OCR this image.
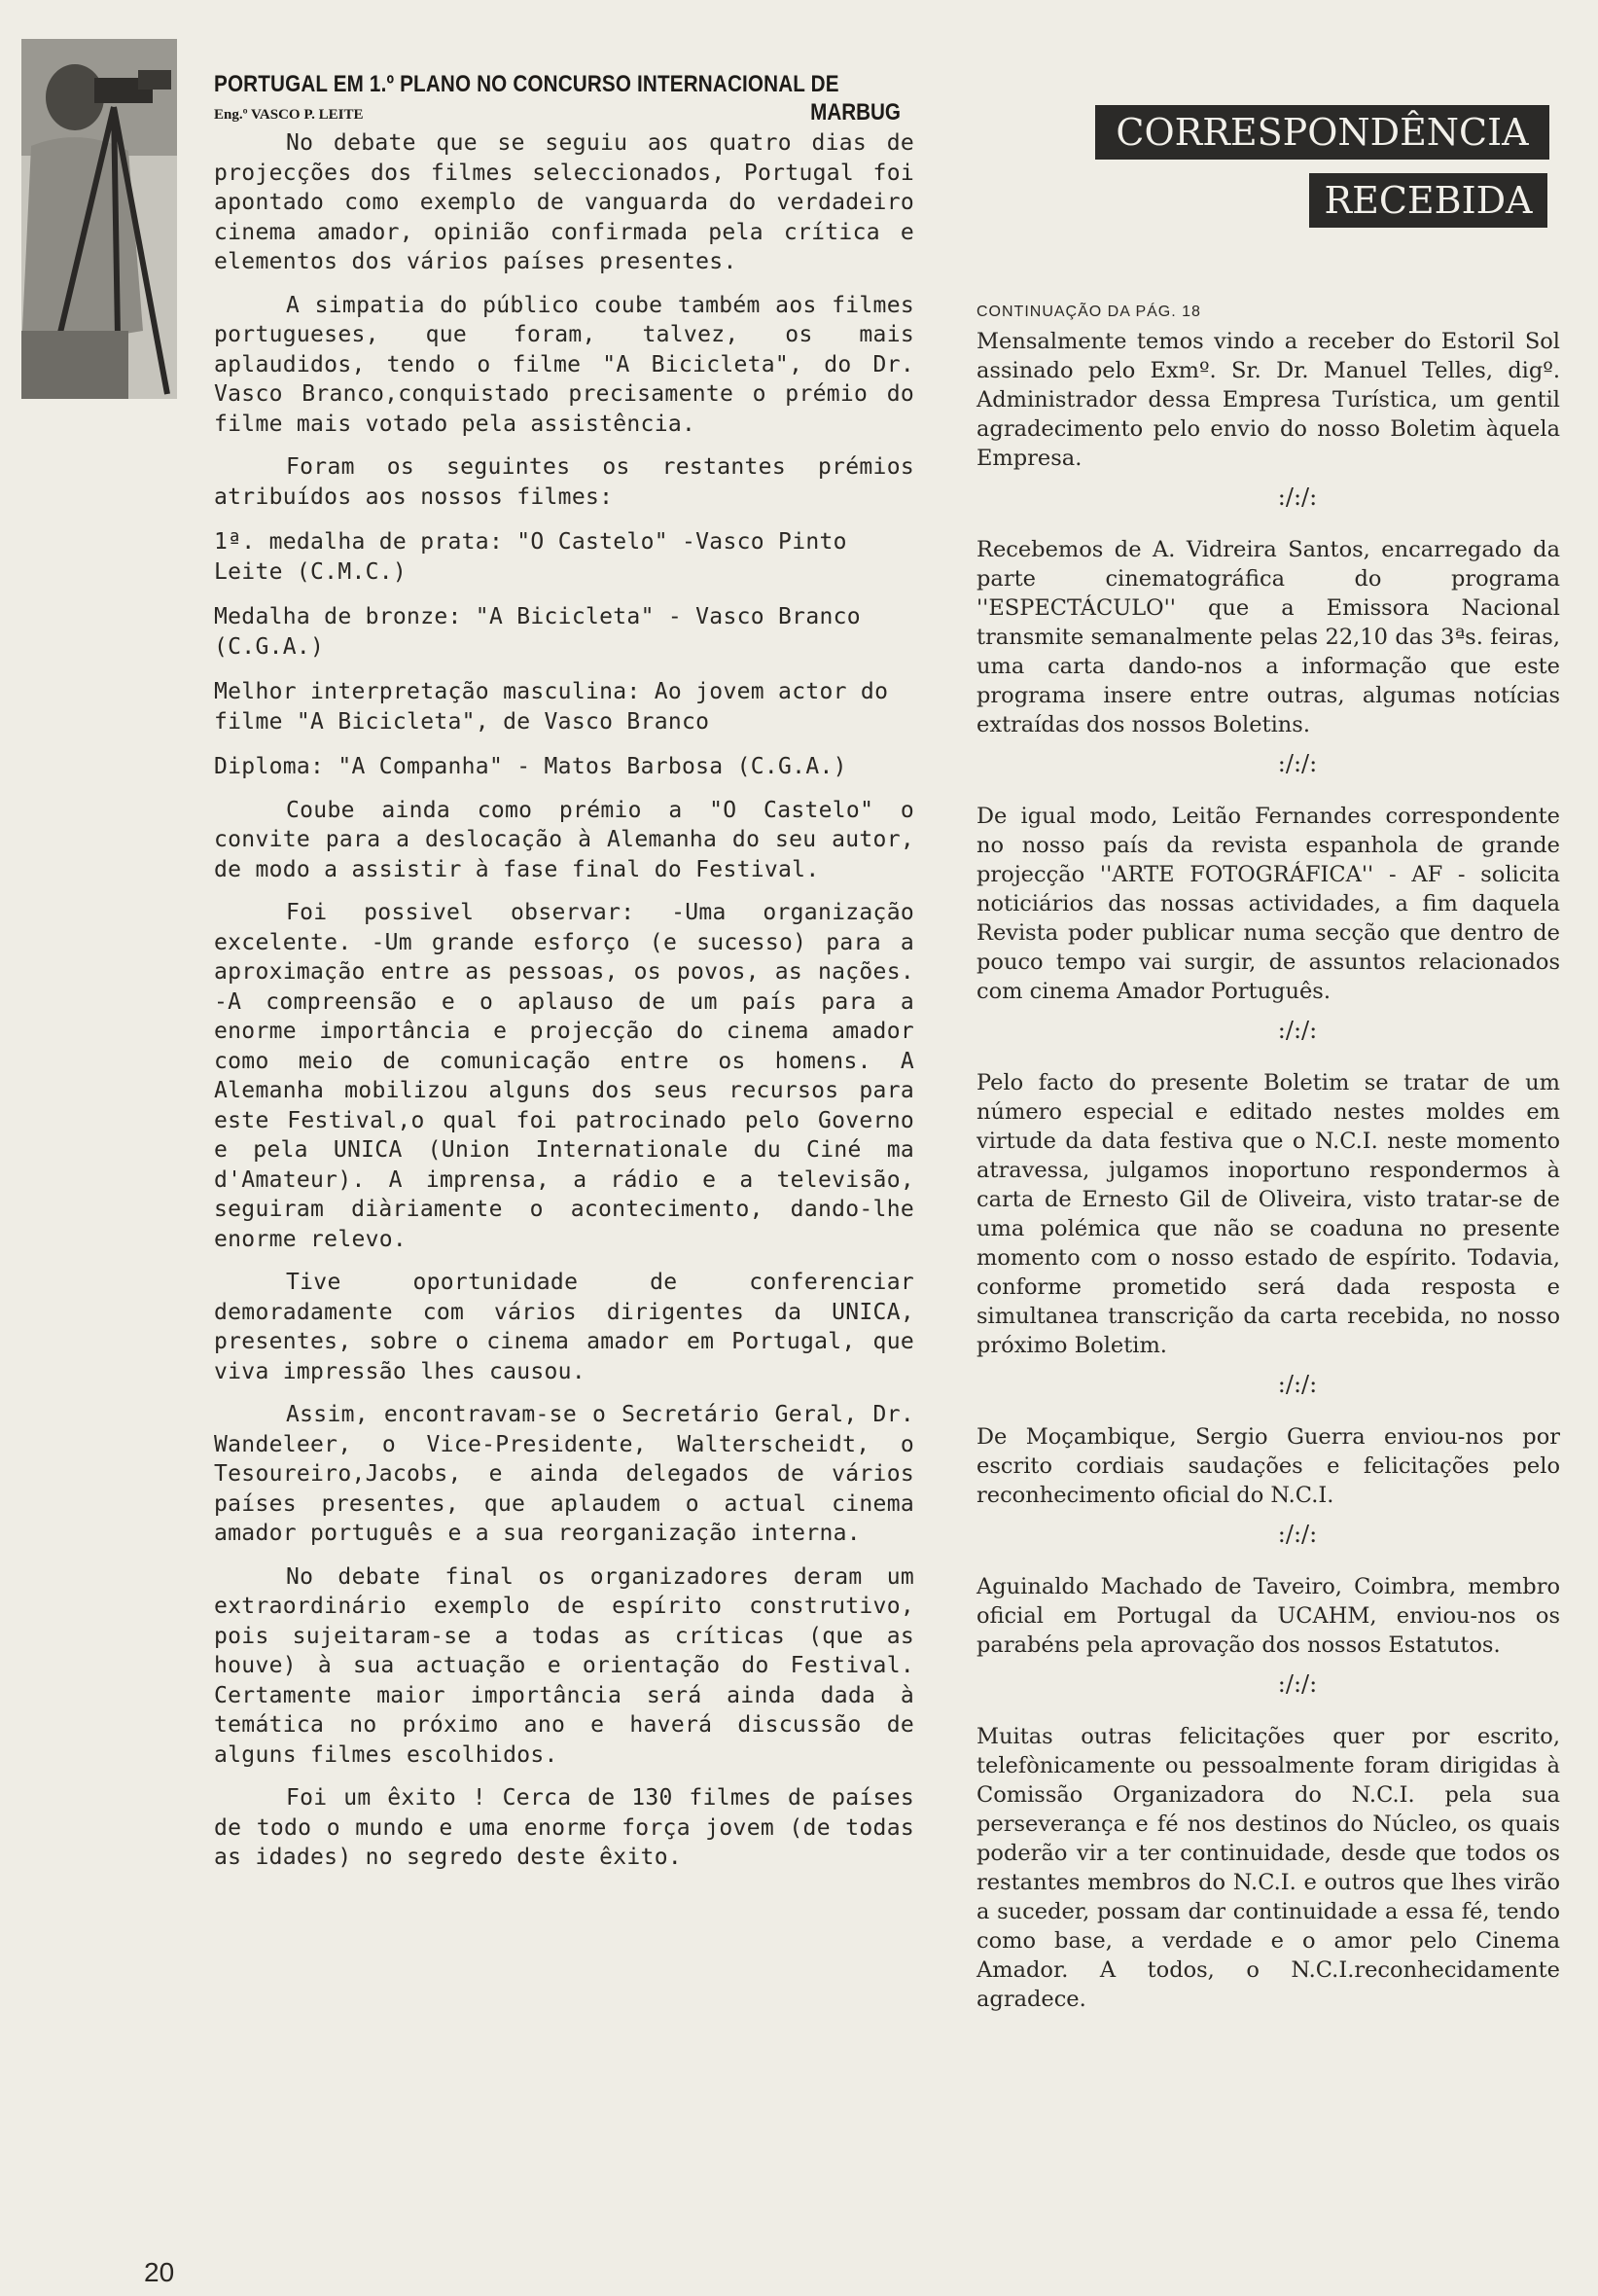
PORTUGAL EM 1.º PLANO NO CONCURSO INTERNACIONAL DE
Eng.º VASCO P. LEITE	MARBUG

No debate que se seguiu aos quatro dias de projecções dos filmes seleccionados, Portugal foi apontado como exemplo de vanguarda do verdadeiro cinema amador, opinião confirmada pela crítica e elementos dos vários países presentes.

A simpatia do público coube também aos filmes portugueses, que foram, talvez, os mais aplaudidos, tendo o filme "A Bicicleta", do Dr. Vasco Branco,conquistado precisamente o prémio do filme mais votado pela assistência.

Foram os seguintes os restantes prémios atribuídos aos nossos filmes:

1ª. medalha de prata: "O Castelo" -Vasco Pinto Leite (C.M.C.)

Medalha de bronze: "A Bicicleta" - Vasco Branco (C.G.A.)

Melhor interpretação masculina: Ao jovem actor do filme "A Bicicleta", de Vasco Branco

Diploma: "A Companha" - Matos Barbosa (C.G.A.)

Coube ainda como prémio a "O Castelo" o convite para a deslocação à Alemanha do seu autor, de modo a assistir à fase final do Festival.

Foi possivel observar: -Uma organização excelente. -Um grande esforço (e sucesso) para a aproximação entre as pessoas, os povos, as nações. -A compreensão e o aplauso de um país para a enorme importância e projecção do cinema amador como meio de comunicação entre os homens. A Alemanha mobilizou alguns dos seus recursos para este Festival,o qual foi patrocinado pelo Governo e pela UNICA (Union Internationale du Ciné ma d'Amateur). A imprensa, a rádio e a televisão, seguiram diàriamente o acontecimento, dando-lhe enorme relevo.

Tive oportunidade de conferenciar demoradamente com vários dirigentes da UNICA, presentes, sobre o cinema amador em Portugal, que viva impressão lhes causou.

Assim, encontravam-se o Secretário Geral, Dr. Wandeleer, o Vice-Presidente, Walterscheidt, o Tesoureiro,Jacobs, e ainda delegados de vários países presentes, que aplaudem o actual cinema amador português e a sua reorganização interna.

No debate final os organizadores deram um extraordinário exemplo de espírito construtivo, pois sujeitaram-se a todas as críticas (que as houve) à sua actuação e orientação do Festival. Certamente maior importância será ainda dada à temática no próximo ano e haverá discussão de alguns filmes escolhidos.

Foi um êxito ! Cerca de 130 filmes de países de todo o mundo e uma enorme força jovem (de todas as idades) no segredo deste êxito.

CORRESPONDÊNCIA
RECEBIDA
CONTINUAÇÃO DA PÁG. 18

Mensalmente temos vindo a receber do Estoril Sol assinado pelo Exmº. Sr. Dr. Manuel Telles, digº. Administrador dessa Empresa Turística, um gentil agradecimento pelo envio do nosso Boletim àquela Empresa.

:/:/:

Recebemos de A. Vidreira Santos, encarregado da parte cinematográfica do programa ''ESPECTÁCULO'' que a Emissora Nacional transmite semanalmente pelas 22,10 das 3ªs. feiras, uma carta dando-nos a informação que este programa insere entre outras, algumas notícias extraídas dos nossos Boletins.

:/:/:

De igual modo, Leitão Fernandes correspondente no nosso país da revista espanhola de grande projecção ''ARTE FOTOGRÁFICA'' - AF - solicita noticiários das nossas actividades, a fim daquela Revista poder publicar numa secção que dentro de pouco tempo vai surgir, de assuntos relacionados com cinema Amador Português.

:/:/:

Pelo facto do presente Boletim se tratar de um número especial e editado nestes moldes em virtude da data festiva que o N.C.I. neste momento atravessa, julgamos inoportuno respondermos à carta de Ernesto Gil de Oliveira, visto tratar-se de uma polémica que não se coaduna no presente momento com o nosso estado de espírito. Todavia, conforme prometido será dada resposta e simultanea transcrição da carta recebida, no nosso próximo Boletim.

:/:/:

De Moçambique, Sergio Guerra enviou-nos por escrito cordiais saudações e felicitações pelo reconhecimento oficial do N.C.I.

:/:/:

Aguinaldo Machado de Taveiro, Coimbra, membro oficial em Portugal da UCAHM, enviou-nos os parabéns pela aprovação dos nossos Estatutos.

:/:/:

Muitas outras felicitações quer por escrito, telefònicamente ou pessoalmente foram dirigidas à Comissão Organizadora do N.C.I. pela sua perseverança e fé nos destinos do Núcleo, os quais poderão vir a ter continuidade, desde que todos os restantes membros do N.C.I. e outros que lhes virão a suceder, possam dar continuidade a essa fé, tendo como base, a verdade e o amor pelo Cinema Amador. A todos, o N.C.I.reconhecidamente agradece.

20
